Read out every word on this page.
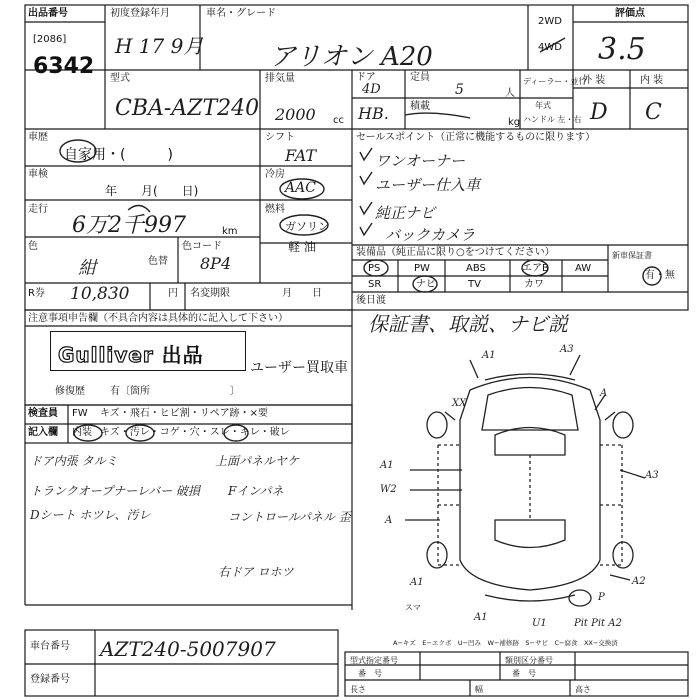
出品番号
[2086]
6342
初度登録年月
H 17 9月
車名・グレード
アリオン A20
2WD
4WD
評価点
3.5
型式
CBA-AZT240
排気量
2000 cc
ドア
4D
定員
5	人
HB. 積載
kg
ディーラー・並行
年式
ハンドル 左・右
外 装	内 装
D C
車歴
自家用・(　　　)
シフト
FAT
車検
年　　月(　　日)
冷房
AAC
走行
6万2千997	km
燃料
ガソリン
軽 油
色
紺	色替
色コード
8P4
R券 10,830	円 名変期限	月　　日
セールスポイント（正常に機能するものに限ります）
ワンオーナー
ユーザー仕入車
純正ナビ
バックカメラ
装備品（純正品に限り○をつけてください）	新車保証書
有・無
PS	PW	ABS	エアB	AW
SR	ナビ	TV	カワ
後日渡
保証書、取説、ナビ説
注意事項申告欄（不具合内容は具体的に記入して下さい）
Gulliver 出品
ユーザー買取車
修復歴	有〔箇所　　　　　　　　〕
検査員
記入欄
FW キズ・飛石・ヒビ割・リペア跡・×要
内装 キズ・汚レ・コゲ・穴・スレ・キレ・破レ
ドア内張 タルミ
トランクオープナーレバー 破損
Dシート ホツレ、汚レ
上面パネルヤケ
Fインパネ
コントロールパネル 歪
右ドア ロホツ
A1
A3
XX
A
A1
W2
A
A3
A2
A1
A1
U1
P
Pit Pit A2
スマ
A−キズ　E−エクボ　U−凹み　W−補修跡　S−サビ　C−腐食　XX−交換済
車台番号 AZT240-5007907
登録番号
型式指定番号
番　号
類別区分番号
番　号
長さ	幅	高さ
